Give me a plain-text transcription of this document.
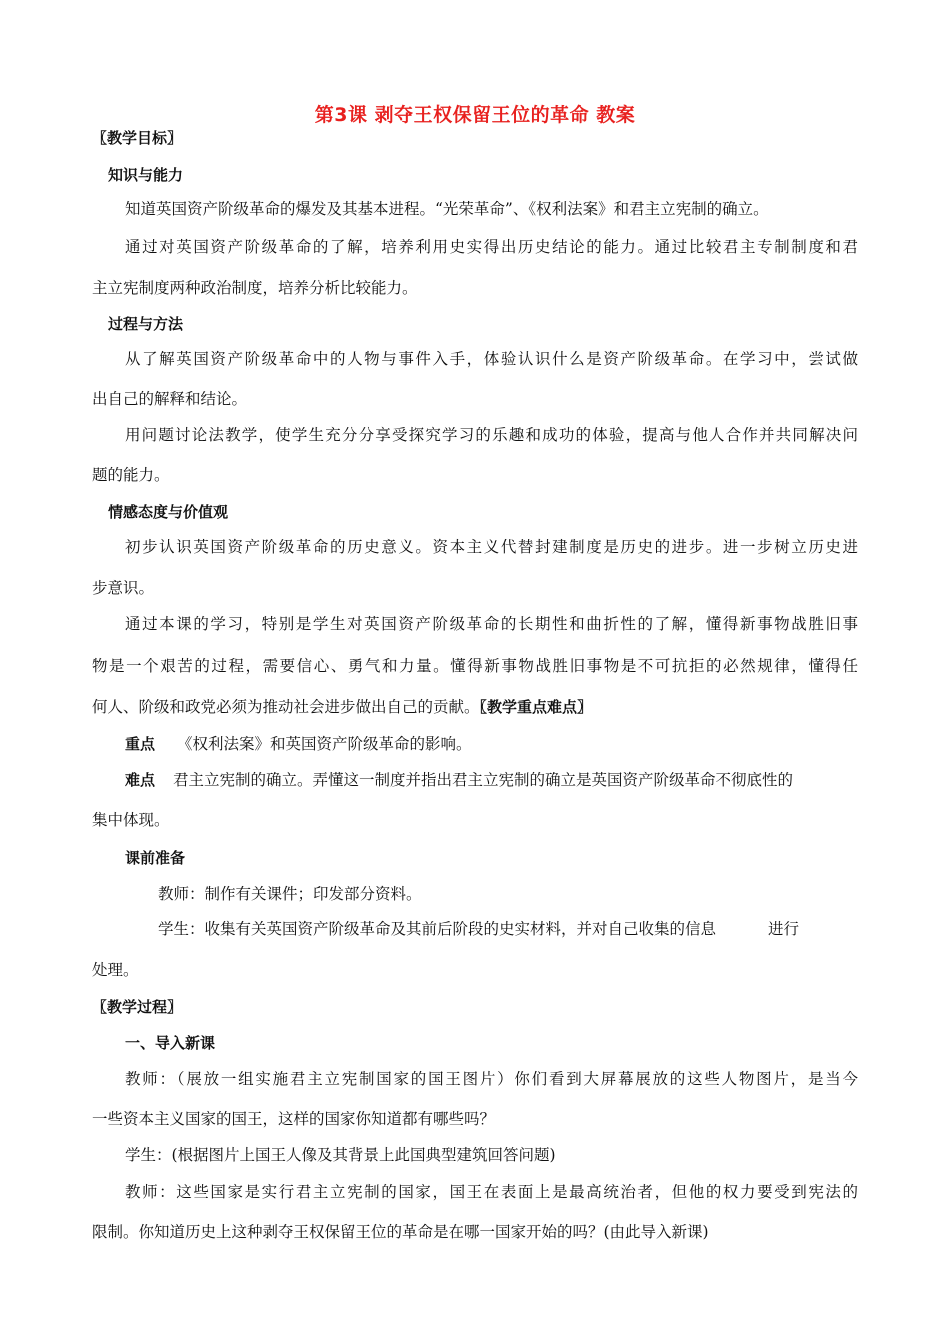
第3课 剥夺王权保留王位的革命 教案
〖教学目标〗
知识与能力
知道英国资产阶级革命的爆发及其基本进程。“光荣革命”、《权利法案》和君主立宪制的确立。
通过对英国资产阶级革命的了解，培养利用史实得出历史结论的能力。通过比较君主专制制度和君
主立宪制度两种政治制度，培养分析比较能力。
过程与方法
从了解英国资产阶级革命中的人物与事件入手，体验认识什么是资产阶级革命。在学习中，尝试做
出自己的解释和结论。
用问题讨论法教学，使学生充分分享受探究学习的乐趣和成功的体验，提高与他人合作并共同解决问
题的能力。
情感态度与价值观
初步认识英国资产阶级革命的历史意义。资本主义代替封建制度是历史的进步。进一步树立历史进
步意识。
通过本课的学习，特别是学生对英国资产阶级革命的长期性和曲折性的了解，懂得新事物战胜旧事
物是一个艰苦的过程，需要信心、勇气和力量。懂得新事物战胜旧事物是不可抗拒的必然规律，懂得任
何人、阶级和政党必须为推动社会进步做出自己的贡献。〖教学重点难点〗
重点 《权利法案》和英国资产阶级革命的影响。
难点 君主立宪制的确立。弄懂这一制度并指出君主立宪制的确立是英国资产阶级革命不彻底性的
集中体现。
课前准备
教师：制作有关课件；印发部分资料。
学生：收集有关英国资产阶级革命及其前后阶段的史实材料，并对自己收集的信息	进行
处理。
〖教学过程〗
一、导入新课
教师：（展放一组实施君主立宪制国家的国王图片）你们看到大屏幕展放的这些人物图片，是当今
一些资本主义国家的国王，这样的国家你知道都有哪些吗？
学生：(根据图片上国王人像及其背景上此国典型建筑回答问题)
教师：这些国家是实行君主立宪制的国家，国王在表面上是最高统治者，但他的权力要受到宪法的
限制。你知道历史上这种剥夺王权保留王位的革命是在哪一国家开始的吗？(由此导入新课)
